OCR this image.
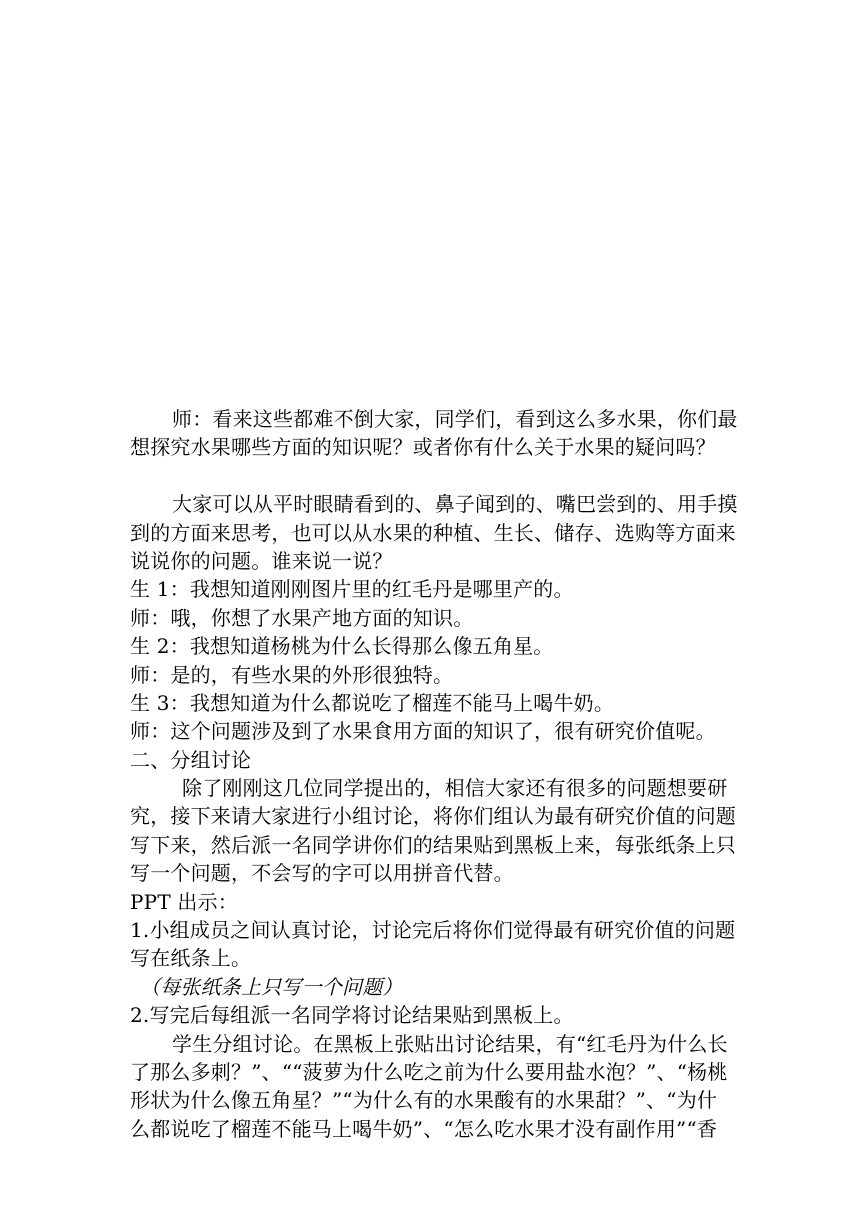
师：看来这些都难不倒大家，同学们，看到这么多水果，你们最
想探究水果哪些方面的知识呢？或者你有什么关于水果的疑问吗？
大家可以从平时眼睛看到的、鼻子闻到的、嘴巴尝到的、用手摸
到的方面来思考，也可以从水果的种植、生长、储存、选购等方面来
说说你的问题。谁来说一说？
生 1：我想知道刚刚图片里的红毛丹是哪里产的。
师：哦，你想了水果产地方面的知识。
生 2：我想知道杨桃为什么长得那么像五角星。
师：是的，有些水果的外形很独特。
生 3：我想知道为什么都说吃了榴莲不能马上喝牛奶。
师：这个问题涉及到了水果食用方面的知识了，很有研究价值呢。
二、分组讨论
除了刚刚这几位同学提出的，相信大家还有很多的问题想要研
究，接下来请大家进行小组讨论，将你们组认为最有研究价值的问题
写下来，然后派一名同学讲你们的结果贴到黑板上来，每张纸条上只
写一个问题，不会写的字可以用拼音代替。
PPT 出示：
1.小组成员之间认真讨论，讨论完后将你们觉得最有研究价值的问题
写在纸条上。
（每张纸条上只写一个问题）
2.写完后每组派一名同学将讨论结果贴到黑板上。
学生分组讨论。在黑板上张贴出讨论结果，有“红毛丹为什么长
了那么多刺？”、““菠萝为什么吃之前为什么要用盐水泡？”、“杨桃
形状为什么像五角星？”“为什么有的水果酸有的水果甜？”、“为什
么都说吃了榴莲不能马上喝牛奶”、“怎么吃水果才没有副作用”“香
